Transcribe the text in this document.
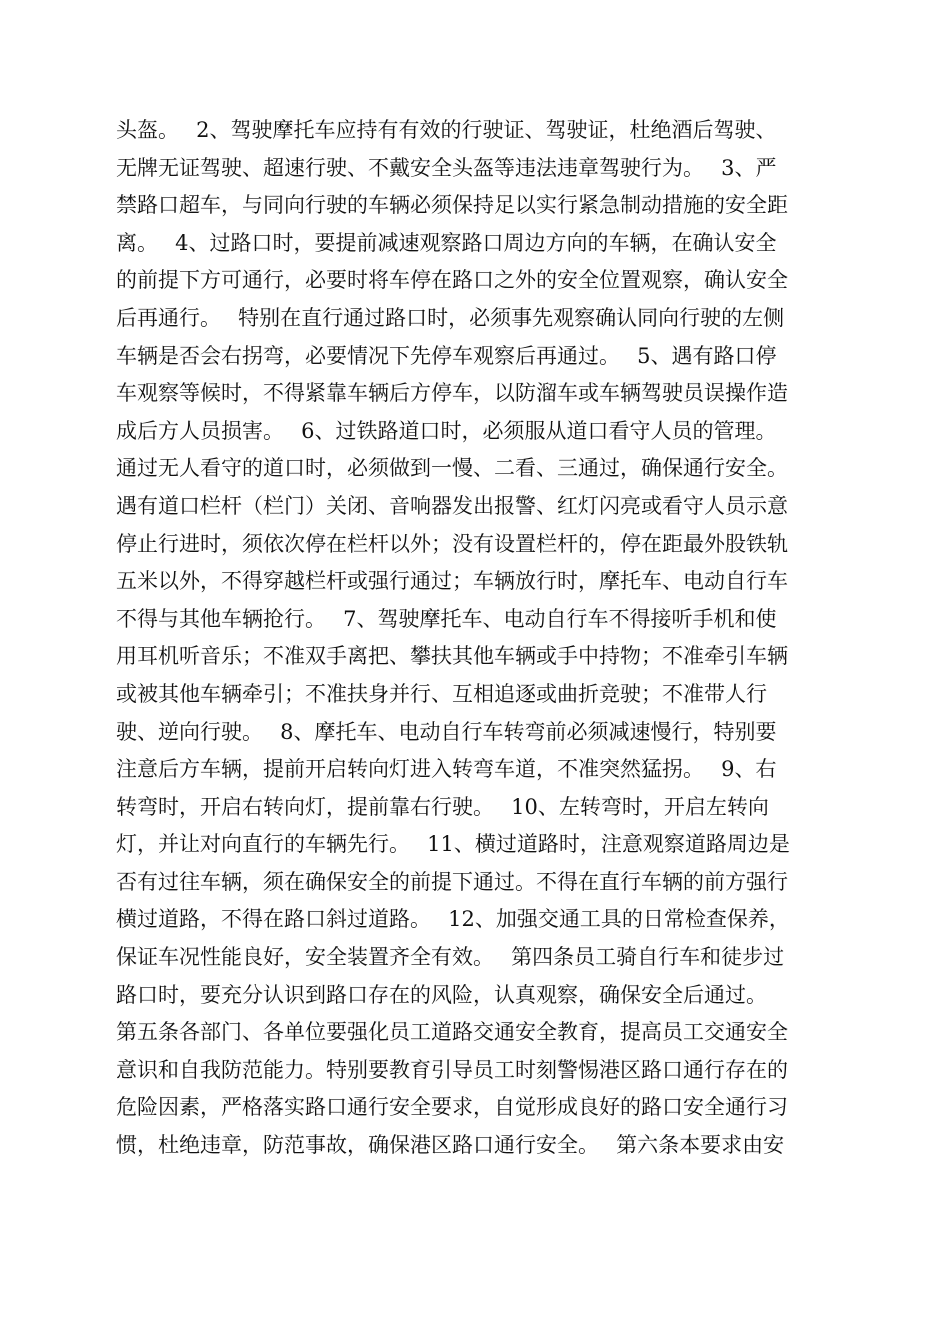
头盔。　 2、驾驶摩托车应持有有效的行驶证、驾驶证，杜绝酒后驾驶、
无牌无证驾驶、超速行驶、不戴安全头盔等违法违章驾驶行为。　 3、严
禁路口超车，与同向行驶的车辆必须保持足以实行紧急制动措施的安全距
离。　 4、过路口时，要提前减速观察路口周边方向的车辆，在确认安全
的前提下方可通行，必要时将车停在路口之外的安全位置观察，确认安全
后再通行。　 特别在直行通过路口时，必须事先观察确认同向行驶的左侧
车辆是否会右拐弯，必要情况下先停车观察后再通过。　 5、遇有路口停
车观察等候时，不得紧靠车辆后方停车，以防溜车或车辆驾驶员误操作造
成后方人员损害。　 6、过铁路道口时，必须服从道口看守人员的管理。
通过无人看守的道口时，必须做到一慢、二看、三通过，确保通行安全。
遇有道口栏杆（栏门）关闭、音响器发出报警、红灯闪亮或看守人员示意
停止行进时，须依次停在栏杆以外；没有设置栏杆的，停在距最外股铁轨
五米以外，不得穿越栏杆或强行通过；车辆放行时，摩托车、电动自行车
不得与其他车辆抢行。　 7、驾驶摩托车、电动自行车不得接听手机和使
用耳机听音乐；不准双手离把、攀扶其他车辆或手中持物；不准牵引车辆
或被其他车辆牵引；不准扶身并行、互相追逐或曲折竞驶；不准带人行
驶、逆向行驶。　 8、摩托车、电动自行车转弯前必须减速慢行，特别要
注意后方车辆，提前开启转向灯进入转弯车道，不准突然猛拐。　 9、右
转弯时，开启右转向灯，提前靠右行驶。　 10、左转弯时，开启左转向
灯，并让对向直行的车辆先行。　 11、横过道路时，注意观察道路周边是
否有过往车辆，须在确保安全的前提下通过。不得在直行车辆的前方强行
横过道路，不得在路口斜过道路。　 12、加强交通工具的日常检查保养，
保证车况性能良好，安全装置齐全有效。　 第四条员工骑自行车和徒步过
路口时，要充分认识到路口存在的风险，认真观察，确保安全后通过。
第五条各部门、各单位要强化员工道路交通安全教育，提高员工交通安全
意识和自我防范能力。特别要教育引导员工时刻警惕港区路口通行存在的
危险因素，严格落实路口通行安全要求，自觉形成良好的路口安全通行习
惯，杜绝违章，防范事故，确保港区路口通行安全。　 第六条本要求由安
